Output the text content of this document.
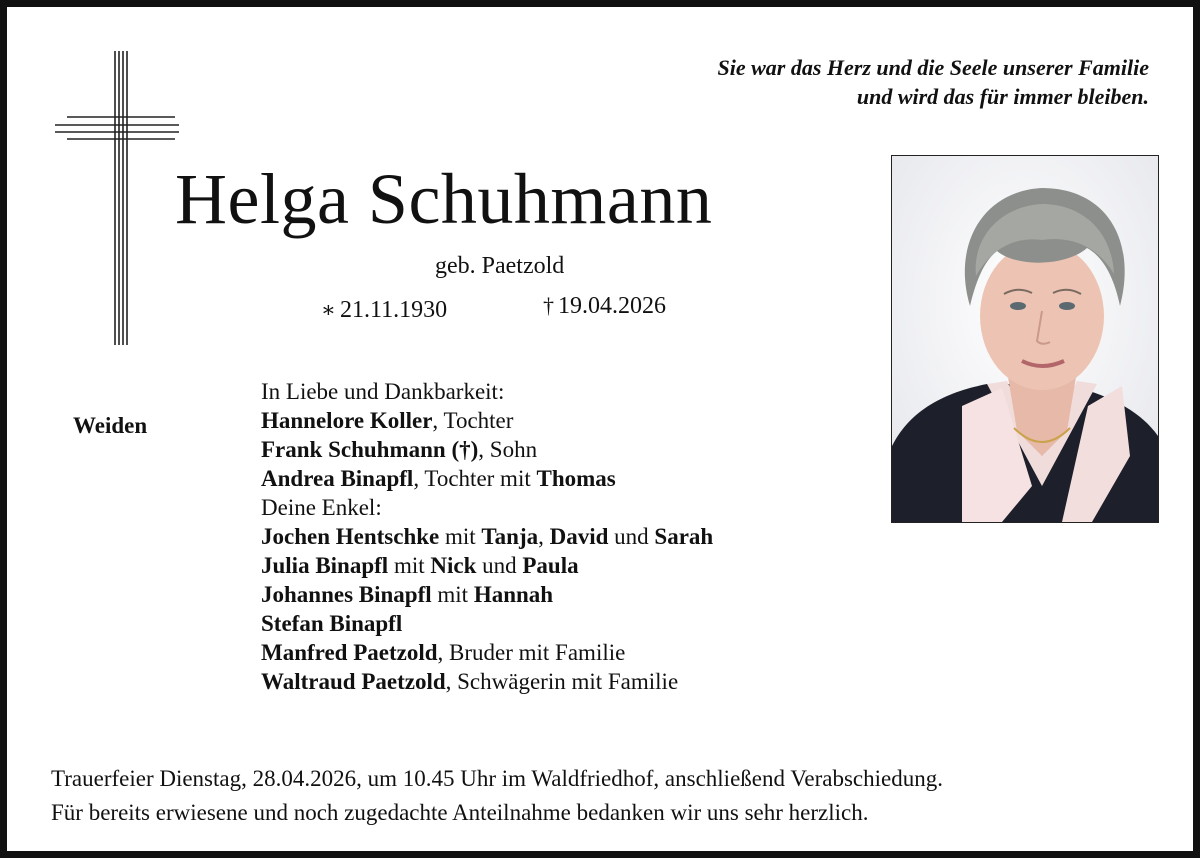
Sie war das Herz und die Seele unserer Familie
und wird das für immer bleiben.
Helga Schuhmann
geb. Paetzold
∗ 21.11.1930	† 19.04.2026
Weiden
In Liebe und Dankbarkeit:
Hannelore Koller, Tochter
Frank Schuhmann (†), Sohn
Andrea Binapfl, Tochter mit Thomas
Deine Enkel:
Jochen Hentschke mit Tanja, David und Sarah
Julia Binapfl mit Nick und Paula
Johannes Binapfl mit Hannah
Stefan Binapfl
Manfred Paetzold, Bruder mit Familie
Waltraud Paetzold, Schwägerin mit Familie
Trauerfeier Dienstag, 28.04.2026, um 10.45 Uhr im Waldfriedhof, anschließend Verabschiedung.
Für bereits erwiesene und noch zugedachte Anteilnahme bedanken wir uns sehr herzlich.
